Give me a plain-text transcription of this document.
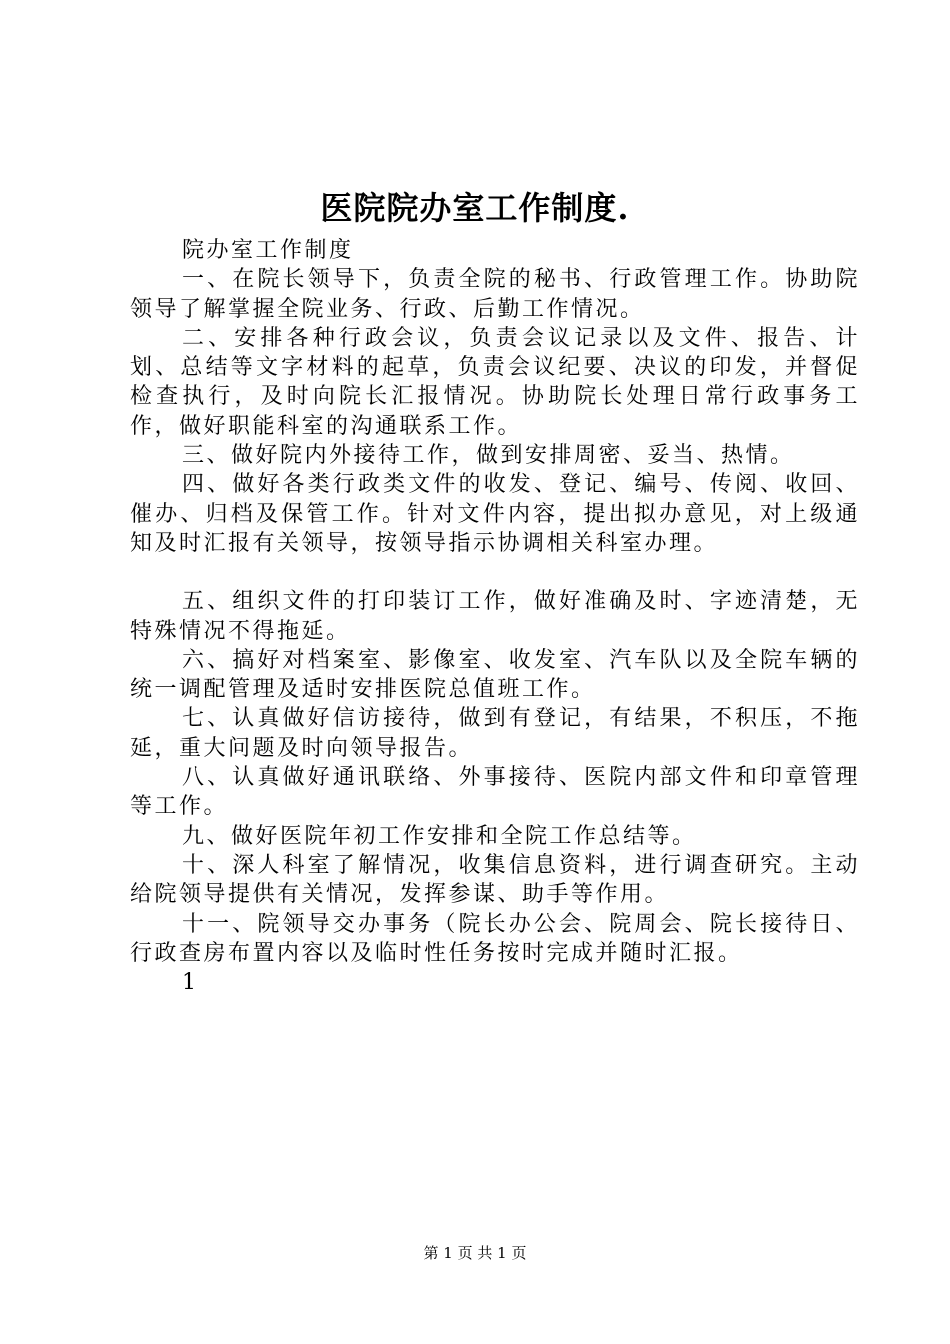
医院院办室工作制度.

院办室工作制度

一、在院长领导下，负责全院的秘书、行政管理工作。协助院领导了解掌握全院业务、行政、后勤工作情况。

二、安排各种行政会议，负责会议记录以及文件、报告、计划、总结等文字材料的起草，负责会议纪要、决议的印发，并督促检查执行，及时向院长汇报情况。协助院长处理日常行政事务工作，做好职能科室的沟通联系工作。

三、做好院内外接待工作，做到安排周密、妥当、热情。

四、做好各类行政类文件的收发、登记、编号、传阅、收回、催办、归档及保管工作。针对文件内容，提出拟办意见，对上级通知及时汇报有关领导，按领导指示协调相关科室办理。

五、组织文件的打印装订工作，做好准确及时、字迹清楚，无特殊情况不得拖延。

六、搞好对档案室、影像室、收发室、汽车队以及全院车辆的统一调配管理及适时安排医院总值班工作。

七、认真做好信访接待，做到有登记，有结果，不积压，不拖延，重大问题及时向领导报告。

八、认真做好通讯联络、外事接待、医院内部文件和印章管理等工作。

九、做好医院年初工作安排和全院工作总结等。

十、深人科室了解情况，收集信息资料，进行调查研究。主动给院领导提供有关情况，发挥参谋、助手等作用。

十一、院领导交办事务（院长办公会、院周会、院长接待日、行政查房布置内容以及临时性任务按时完成并随时汇报。

1

第 1 页 共 1 页
